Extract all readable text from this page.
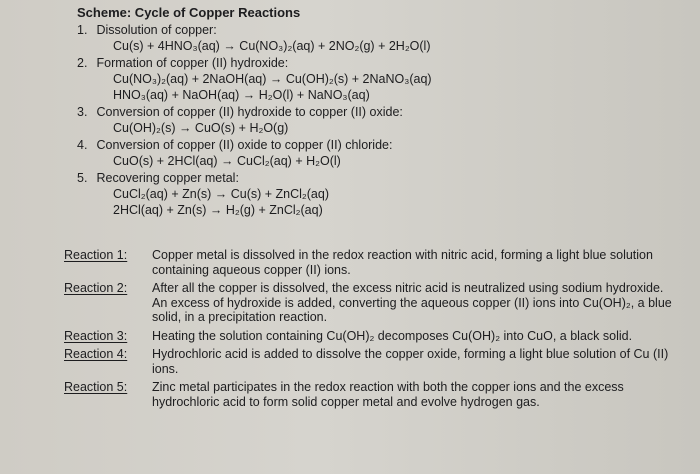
Scheme: Cycle of Copper Reactions
1. Dissolution of copper:
Cu(s) + 4HNO₃(aq) → Cu(NO₃)₂(aq) + 2NO₂(g) + 2H₂O(l)
2. Formation of copper (II) hydroxide:
Cu(NO₃)₂(aq) + 2NaOH(aq) → Cu(OH)₂(s) + 2NaNO₃(aq)
HNO₃(aq) + NaOH(aq) → H₂O(l) + NaNO₃(aq)
3. Conversion of copper (II) hydroxide to copper (II) oxide:
Cu(OH)₂(s) → CuO(s) + H₂O(g)
4. Conversion of copper (II) oxide to copper (II) chloride:
CuO(s) + 2HCl(aq) → CuCl₂(aq) + H₂O(l)
5. Recovering copper metal:
CuCl₂(aq) + Zn(s) → Cu(s) + ZnCl₂(aq)
2HCl(aq) + Zn(s) → H₂(g) + ZnCl₂(aq)
Reaction 1: Copper metal is dissolved in the redox reaction with nitric acid, forming a light blue solution containing aqueous copper (II) ions.
Reaction 2: After all the copper is dissolved, the excess nitric acid is neutralized using sodium hydroxide. An excess of hydroxide is added, converting the aqueous copper (II) ions into Cu(OH)₂, a blue solid, in a precipitation reaction.
Reaction 3: Heating the solution containing Cu(OH)₂ decomposes Cu(OH)₂ into CuO, a black solid.
Reaction 4: Hydrochloric acid is added to dissolve the copper oxide, forming a light blue solution of Cu (II) ions.
Reaction 5: Zinc metal participates in the redox reaction with both the copper ions and the excess hydrochloric acid to form solid copper metal and evolve hydrogen gas.
